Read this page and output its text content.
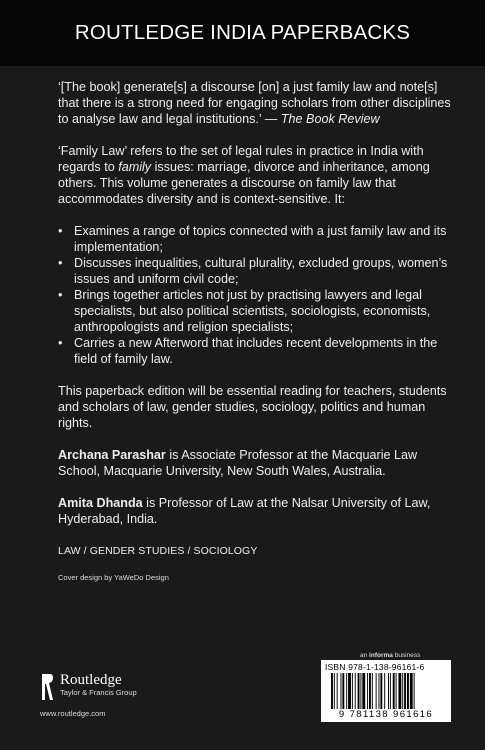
ROUTLEDGE INDIA PAPERBACKS

‘[The book] generate[s] a discourse [on] a just family law and note[s] that there is a strong need for engaging scholars from other disciplines to analyse law and legal institutions.’ — The Book Review

‘Family Law’ refers to the set of legal rules in practice in India with regards to family issues: marriage, divorce and inheritance, among others. This volume generates a discourse on family law that accommodates diversity and is context-sensitive. It:

• Examines a range of topics connected with a just family law and its implementation;
• Discusses inequalities, cultural plurality, excluded groups, women’s issues and uniform civil code;
• Brings together articles not just by practising lawyers and legal specialists, but also political scientists, sociologists, economists, anthropologists and religion specialists;
• Carries a new Afterword that includes recent developments in the field of family law.

This paperback edition will be essential reading for teachers, students and scholars of law, gender studies, sociology, politics and human rights.

Archana Parashar is Associate Professor at the Macquarie Law School, Macquarie University, New South Wales, Australia.

Amita Dhanda is Professor of Law at the Nalsar University of Law, Hyderabad, India.

LAW / GENDER STUDIES / SOCIOLOGY
Cover design by YaWeDo Design
an informa business
ISBN 978-1-138-96161-6
9 781138 961616
Routledge
Taylor & Francis Group
www.routledge.com
